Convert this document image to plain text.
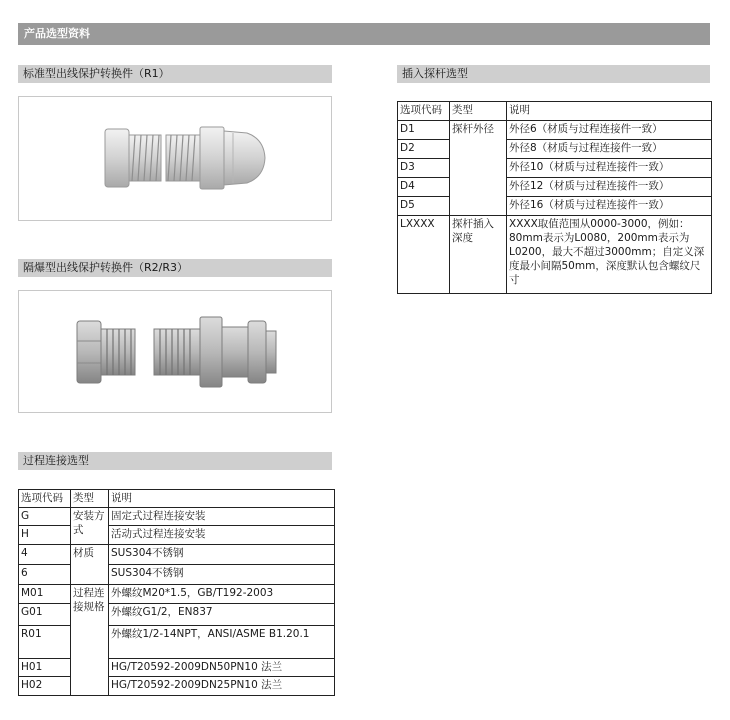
产品选型资料
标准型出线保护转换件（R1）
隔爆型出线保护转换件（R2/R3）
过程连接选型
选项代码	类型	说明
G	安装方式	固定式过程连接安装
H		活动式过程连接安装
4	材质	SUS304不锈钢
6		SUS304不锈钢
M01	过程连接规格	外螺纹M20*1.5，GB/T192-2003
G01		外螺纹G1/2，EN837
R01		外螺纹1/2-14NPT，ANSI/ASME B1.20.1
H01		HG/T20592-2009DN50PN10 法兰
H02		HG/T20592-2009DN25PN10 法兰
插入探杆选型
选项代码	类型	说明
D1	探杆外径	外径6（材质与过程连接件一致）
D2		外径8（材质与过程连接件一致）
D3		外径10（材质与过程连接件一致）
D4		外径12（材质与过程连接件一致）
D5		外径16（材质与过程连接件一致）
LXXXX	探杆插入深度	XXXX取值范围从0000-3000，例如：80mm表示为L0080，200mm表示为L0200，最大不超过3000mm；自定义深度最小间隔50mm，深度默认包含螺纹尺寸
